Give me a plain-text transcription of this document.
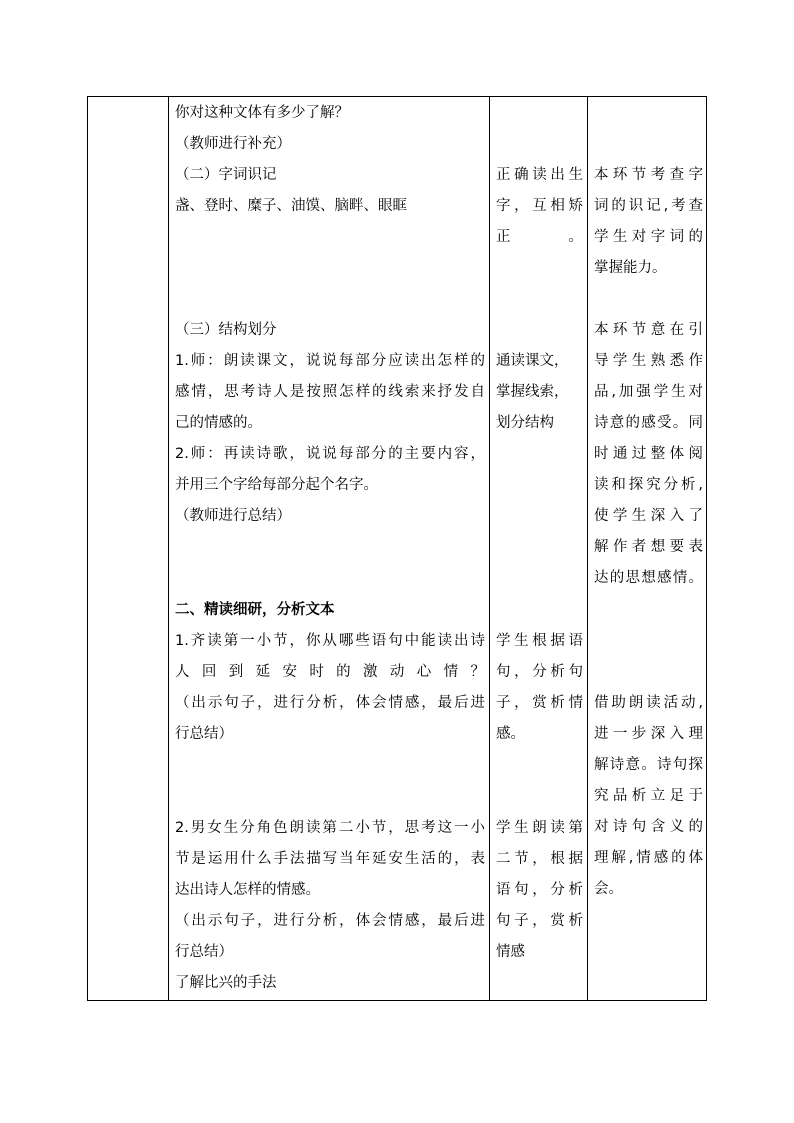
你对这种文体有多少了解？
（教师进行补充）
（二）字词识记
盏、登时、糜子、油馍、脑畔、眼眶
（三）结构划分
1.师：朗读课文，说说每部分应读出怎样的
感情，思考诗人是按照怎样的线索来抒发自
己的情感的。
2.师：再读诗歌，说说每部分的主要内容，
并用三个字给每部分起个名字。
（教师进行总结）
二、精读细研，分析文本
1.齐读第一小节，你从哪些语句中能读出诗
人回到延安时的激动心情？
（出示句子，进行分析，体会情感，最后进
行总结）
2.男女生分角色朗读第二小节，思考这一小
节是运用什么手法描写当年延安生活的，表
达出诗人怎样的情感。
（出示句子，进行分析，体会情感，最后进
行总结）
了解比兴的手法
正确读出生
字，互相矫
正。
通读课文，
掌握线索，
划分结构
学生根据语
句，分析句
子，赏析情
感。
学生朗读第
二节，根据
语句，分析
句子，赏析
情感
本环节考查字
词的识记,考查
学生对字词的
掌握能力。
本环节意在引
导学生熟悉作
品,加强学生对
诗意的感受。同
时通过整体阅
读和探究分析,
使学生深入了
解作者想要表
达的思想感情。
借助朗读活动,
进一步深入理
解诗意。诗句探
究品析立足于
对诗句含义的
理解,情感的体
会。
